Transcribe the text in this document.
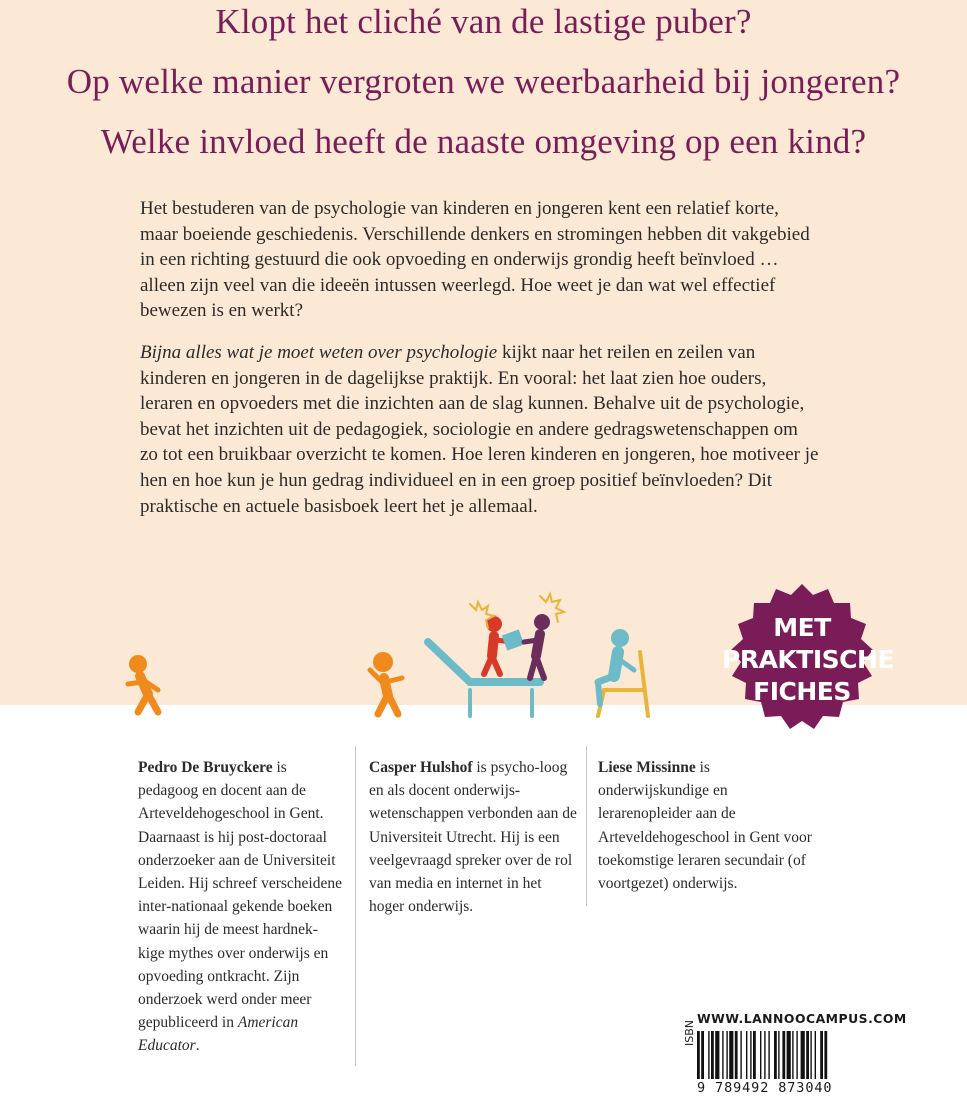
Klopt het cliché van de lastige puber?
Op welke manier vergroten we weerbaarheid bij jongeren?
Welke invloed heeft de naaste omgeving op een kind?

Het bestuderen van de psychologie van kinderen en jongeren kent een relatief korte, maar boeiende geschiedenis. Verschillende denkers en stromingen hebben dit vakgebied in een richting gestuurd die ook opvoeding en onderwijs grondig heeft beïnvloed … alleen zijn veel van die ideeën intussen weerlegd. Hoe weet je dan wat wel effectief bewezen is en werkt?

Bijna alles wat je moet weten over psychologie kijkt naar het reilen en zeilen van kinderen en jongeren in de dagelijkse praktijk. En vooral: het laat zien hoe ouders, leraren en opvoeders met die inzichten aan de slag kunnen. Behalve uit de psychologie, bevat het inzichten uit de pedagogiek, sociologie en andere gedragswetenschappen om zo tot een bruikbaar overzicht te komen. Hoe leren kinderen en jongeren, hoe motiveer je hen en hoe kun je hun gedrag individueel en in een groep positief beïnvloeden? Dit praktische en actuele basisboek leert het je allemaal.

MET
PRAKTISCHE
FICHES
Pedro De Bruyckere is pedagoog en docent aan de Arteveldehogeschool in Gent. Daarnaast is hij post-doctoraal onderzoeker aan de Universiteit Leiden. Hij schreef verscheidene inter-nationaal gekende boeken waarin hij de meest hardnek-kige mythes over onderwijs en opvoeding ontkracht. Zijn onderzoek werd onder meer gepubliceerd in American Educator.
Casper Hulshof is psycho-loog en als docent onderwijs-wetenschappen verbonden aan de Universiteit Utrecht. Hij is een veelgevraagd spreker over de rol van media en internet in het hoger onderwijs.
Liese Missinne is onderwijskundige en lerarenopleider aan de Arteveldehogeschool in Gent voor toekomstige leraren secundair (of voortgezet) onderwijs.
WWW.LANNOOCAMPUS.COM
ISBN
9 789492 873040
